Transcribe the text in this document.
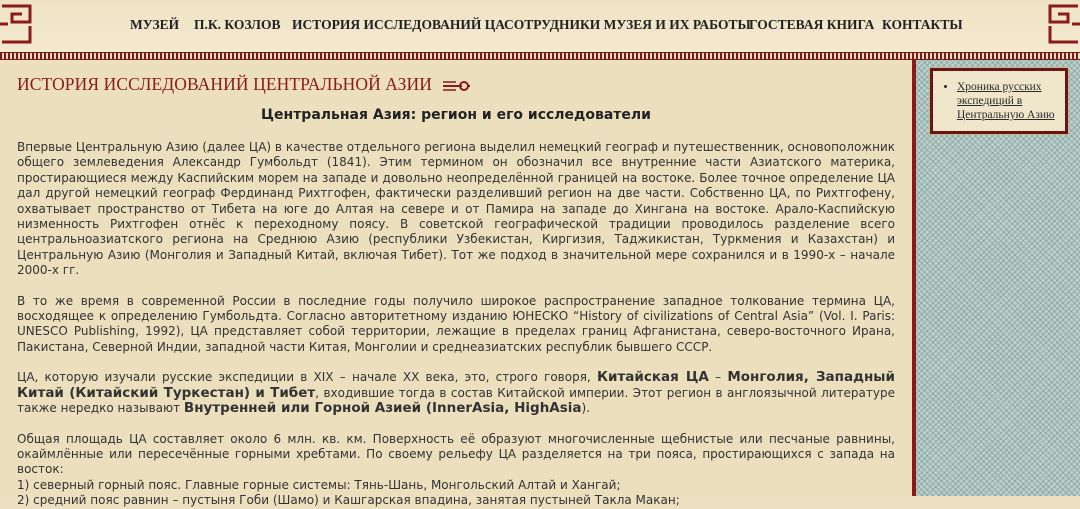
МУЗЕЙ П.К. КОЗЛОВ ИСТОРИЯ ИССЛЕДОВАНИЙ ЦА СОТРУДНИКИ МУЗЕЯ И ИХ РАБОТЫ
ГОСТЕВАЯ КНИГА КОНТАКТЫ
ИСТОРИЯ ИССЛЕДОВАНИЙ ЦЕНТРАЛЬНОЙ АЗИИ
Центральная Азия: регион и его исследователи

Впервые Центральную Азию (далее ЦА) в качестве отдельного региона выделил немецкий географ и путешественник, основоположник общего землеведения Александр Гумбольдт (1841). Этим термином он обозначил все внутренние части Азиатского материка, простирающиеся между Каспийским морем на западе и довольно неопределённой границей на востоке. Более точное определение ЦА дал другой немецкий географ Фердинанд Рихтгофен, фактически разделивший регион на две части. Собственно ЦА, по Рихтгофену, охватывает пространство от Тибета на юге до Алтая на севере и от Памира на западе до Хингана на востоке. Арало-Каспийскую низменность Рихтгофен отнёс к переходному поясу. В советской географической традиции проводилось разделение всего центральноазиатского региона на Среднюю Азию (республики Узбекистан, Киргизия, Таджикистан, Туркмения и Казахстан) и Центральную Азию (Монголия и Западный Китай, включая Тибет). Тот же подход в значительной мере сохранился и в 1990-х – начале 2000-х гг.

В то же время в современной России в последние годы получило широкое распространение западное толкование термина ЦА, восходящее к определению Гумбольдта. Согласно авторитетному изданию ЮНЕСКО “History of civilizations of Central Asia” (Vol. I. Paris: UNESCO Publishing, 1992), ЦА представляет собой территории, лежащие в пределах границ Афганистана, северо-восточного Ирана, Пакистана, Северной Индии, западной части Китая, Монголии и среднеазиатских республик бывшего СССР.

ЦА, которую изучали русские экспедиции в XIX – начале XX века, это, строго говоря, Китайская ЦА – Монголия, Западный Китай (Китайский Туркестан) и Тибет, входившие тогда в состав Китайской империи. Этот регион в англоязычной литературе также нередко называют Внутренней или Горной Азией (InnerAsia, HighAsia).

Общая площадь ЦА составляет около 6 млн. кв. км. Поверхность её образуют многочисленные щебнистые или песчаные равнины, окаймлённые или пересечённые горными хребтами. По своему рельефу ЦА разделяется на три пояса, простирающихся с запада на восток:

1) северный горный пояс. Главные горные системы: Тянь-Шань, Монгольский Алтай и Хангай;
2) средний пояс равнин – пустыня Гоби (Шамо) и Кашгарская впадина, занятая пустыней Такла Макан;
• Хроника русских экспедиций в Центральную Азию
